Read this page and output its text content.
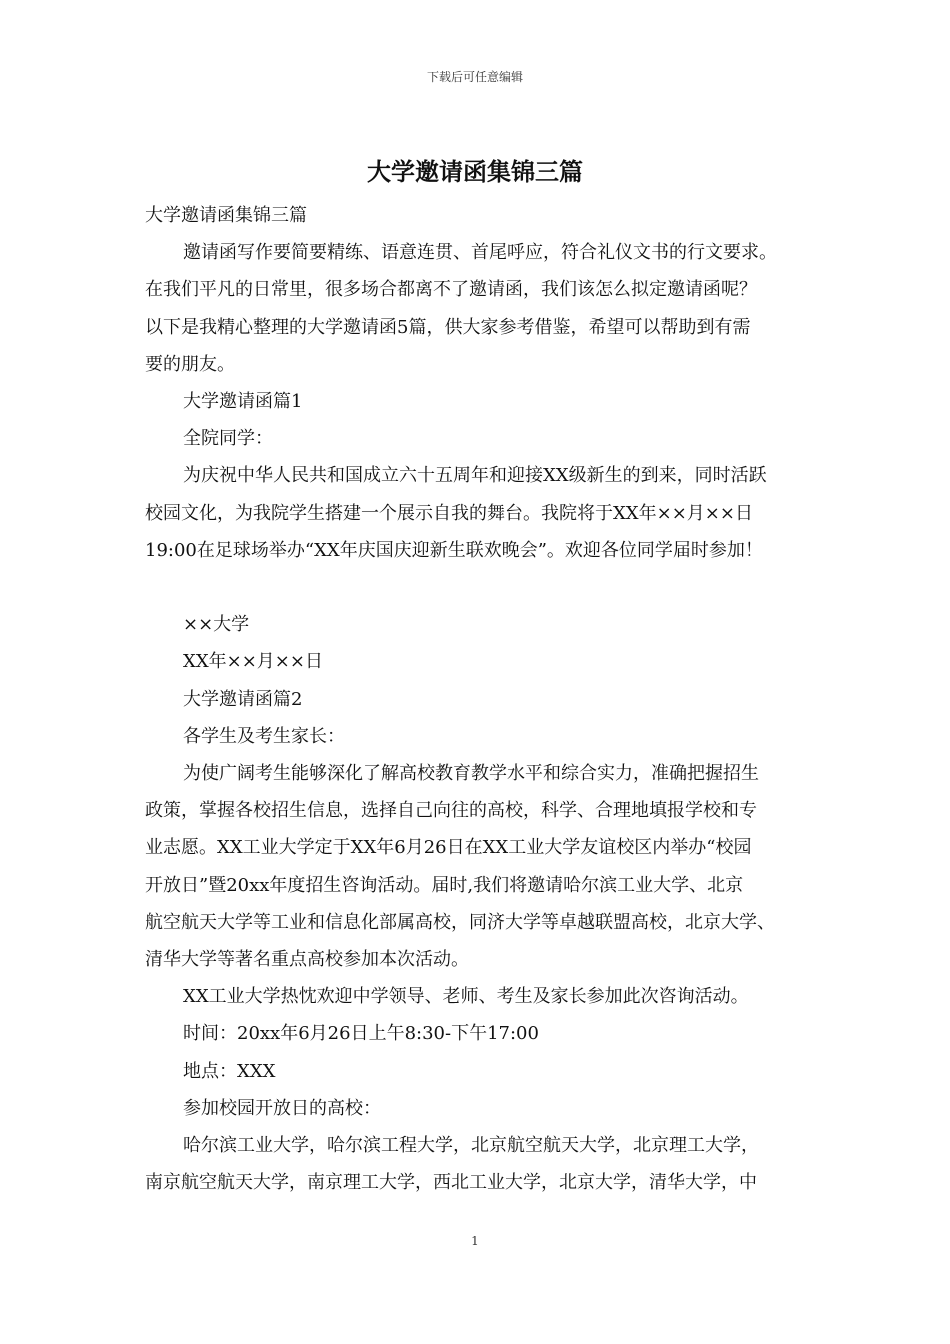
下载后可任意编辑
大学邀请函集锦三篇

大学邀请函集锦三篇

邀请函写作要简要精练、语意连贯、首尾呼应，符合礼仪文书的行文要求。

在我们平凡的日常里，很多场合都离不了邀请函，我们该怎么拟定邀请函呢？

以下是我精心整理的大学邀请函5篇，供大家参考借鉴，希望可以帮助到有需

要的朋友。

大学邀请函篇1

全院同学：

为庆祝中华人民共和国成立六十五周年和迎接XX级新生的到来，同时活跃

校园文化，为我院学生搭建一个展示自我的舞台。我院将于XX年××月××日

19:00在足球场举办“XX年庆国庆迎新生联欢晚会”。欢迎各位同学届时参加！

××大学

XX年××月××日

大学邀请函篇2

各学生及考生家长：

为使广阔考生能够深化了解高校教育教学水平和综合实力，准确把握招生

政策，掌握各校招生信息，选择自己向往的高校，科学、合理地填报学校和专

业志愿。XX工业大学定于XX年6月26日在XX工业大学友谊校区内举办“校园

开放日”暨20xx年度招生咨询活动。届时,我们将邀请哈尔滨工业大学、北京

航空航天大学等工业和信息化部属高校，同济大学等卓越联盟高校，北京大学、

清华大学等著名重点高校参加本次活动。

XX工业大学热忱欢迎中学领导、老师、考生及家长参加此次咨询活动。

时间：20xx年6月26日上午8:30-下午17:00

地点：XXX

参加校园开放日的高校：

哈尔滨工业大学，哈尔滨工程大学，北京航空航天大学，北京理工大学，

南京航空航天大学，南京理工大学，西北工业大学，北京大学，清华大学，中

1
